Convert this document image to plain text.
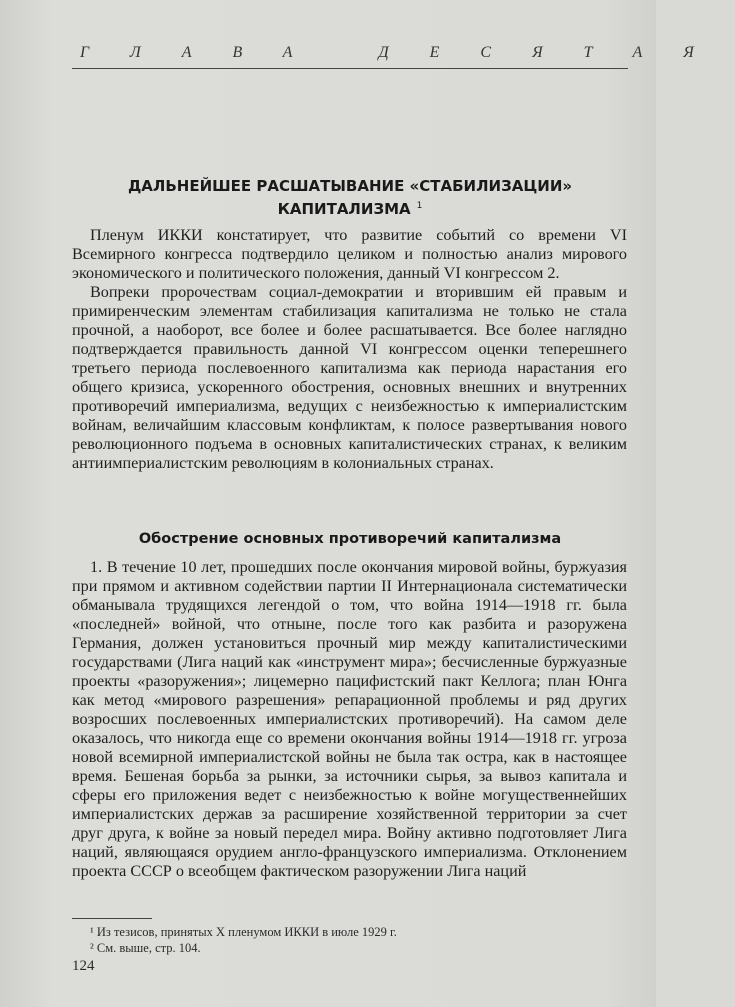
ГЛАВА ДЕСЯТАЯ
ДАЛЬНЕЙШЕЕ РАСШАТЫВАНИЕ «СТАБИЛИЗАЦИИ»
КАПИТАЛИЗМА $^1$

Пленум ИККИ констатирует, что развитие событий со времени VI Всемирного конгресса подтвердило целиком и полностью анализ мирового экономического и политического положения, данный VI конгрессом 2.

Вопреки пророчествам социал-демократии и вторившим ей правым и примиренческим элементам стабилизация капитализма не только не стала прочной, а наоборот, все более и более расшатывается. Все более наглядно подтверждается правильность данной VI конгрессом оценки теперешнего третьего периода послевоенного капитализма как периода нарастания его общего кризиса, ускоренного обострения, основных внешних и внутренних противоречий империализма, ведущих с неизбежностью к империалистским войнам, величайшим классовым конфликтам, к полосе развертывания нового революционного подъема в основных капиталистических странах, к великим антиимпериалистским революциям в колониальных странах.

Обострение основных противоречий капитализма

1. В течение 10 лет, прошедших после окончания мировой войны, буржуазия при прямом и активном содействии партии II Интернационала систематически обманывала трудящихся легендой о том, что война 1914—1918 гг. была «последней» войной, что отныне, после того как разбита и разоружена Германия, должен установиться прочный мир между капиталистическими государствами (Лига наций как «инструмент мира»; бесчисленные буржуазные проекты «разоружения»; лицемерно пацифистский пакт Келлога; план Юнга как метод «мирового разрешения» репарационной проблемы и ряд других возросших послевоенных империалистских противоречий). На самом деле оказалось, что никогда еще со времени окончания войны 1914—1918 гг. угроза новой всемирной империалистской войны не была так остра, как в настоящее время. Бешеная борьба за рынки, за источники сырья, за вывоз капитала и сферы его приложения ведет с неизбежностью к войне могущественнейших империалистских держав за расширение хозяйственной территории за счет друг друга, к войне за новый передел мира. Войну активно подготовляет Лига наций, являющаяся орудием англо-французского империализма. Отклонением проекта СССР о всеобщем фактическом разоружении Лига наций

¹ Из тезисов, принятых X пленумом ИККИ в июле 1929 г.
² См. выше, стр. 104.
124
